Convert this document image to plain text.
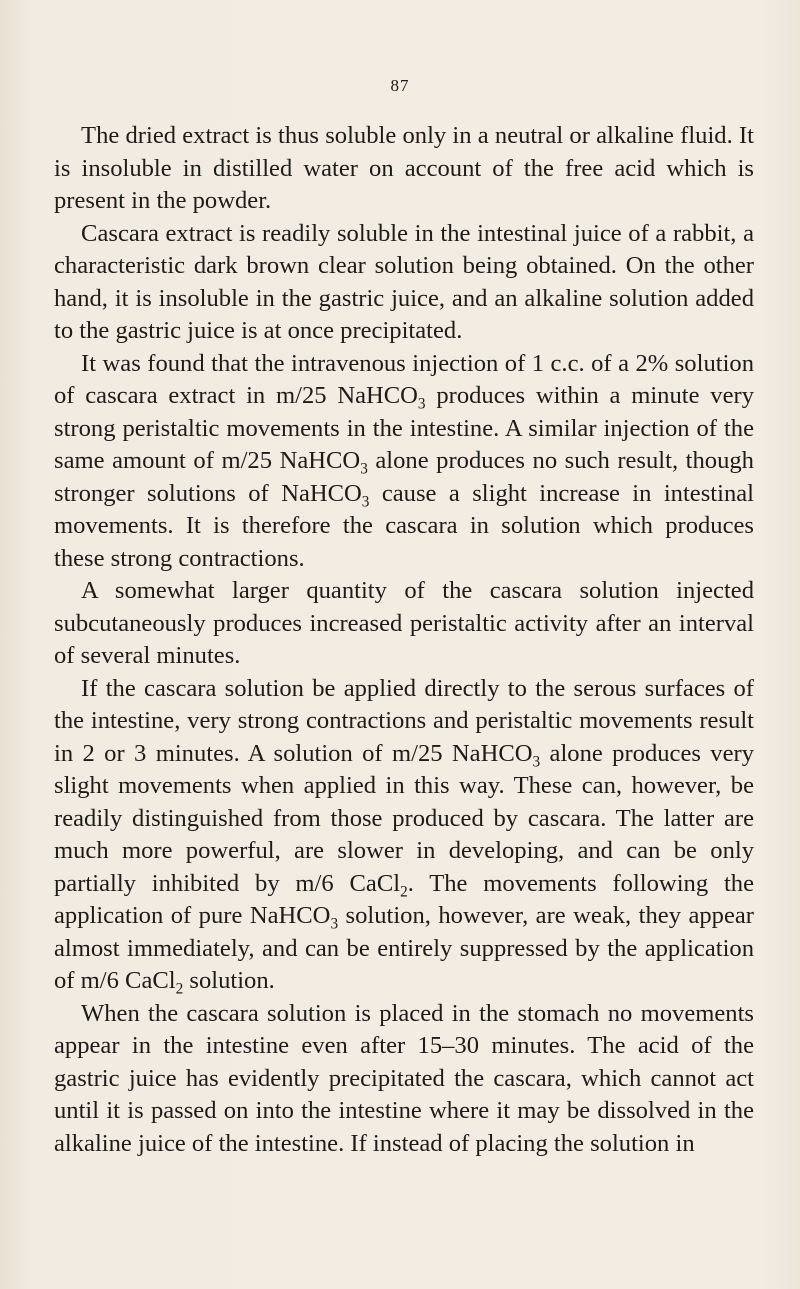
87

The dried extract is thus soluble only in a neutral or alkaline fluid. It is insoluble in distilled water on account of the free acid which is present in the powder.

Cascara extract is readily soluble in the intestinal juice of a rabbit, a characteristic dark brown clear solution being obtained. On the other hand, it is insoluble in the gastric juice, and an alkaline solution added to the gastric juice is at once precipitated.

It was found that the intravenous injection of 1 c.c. of a 2% solution of cascara extract in m/25 NaHCO$_3$ produces within a minute very strong peristaltic movements in the intestine. A similar injection of the same amount of m/25 NaHCO$_3$ alone produces no such result, though stronger solutions of NaHCO$_3$ cause a slight increase in intestinal movements. It is therefore the cascara in solution which produces these strong contractions.

A somewhat larger quantity of the cascara solution injected subcutaneously produces increased peristaltic activity after an interval of several minutes.

If the cascara solution be applied directly to the serous surfaces of the intestine, very strong contractions and peristaltic movements result in 2 or 3 minutes. A solution of m/25 NaHCO$_3$ alone produces very slight movements when applied in this way. These can, however, be readily distinguished from those produced by cascara. The latter are much more powerful, are slower in developing, and can be only partially inhibited by m/6 CaCl$_2$. The movements following the application of pure NaHCO$_3$ solution, however, are weak, they appear almost immediately, and can be entirely suppressed by the application of m/6 CaCl$_2$ solution.

When the cascara solution is placed in the stomach no movements appear in the intestine even after 15–30 minutes. The acid of the gastric juice has evidently precipitated the cascara, which cannot act until it is passed on into the intestine where it may be dissolved in the alkaline juice of the intestine. If instead of placing the solution in
